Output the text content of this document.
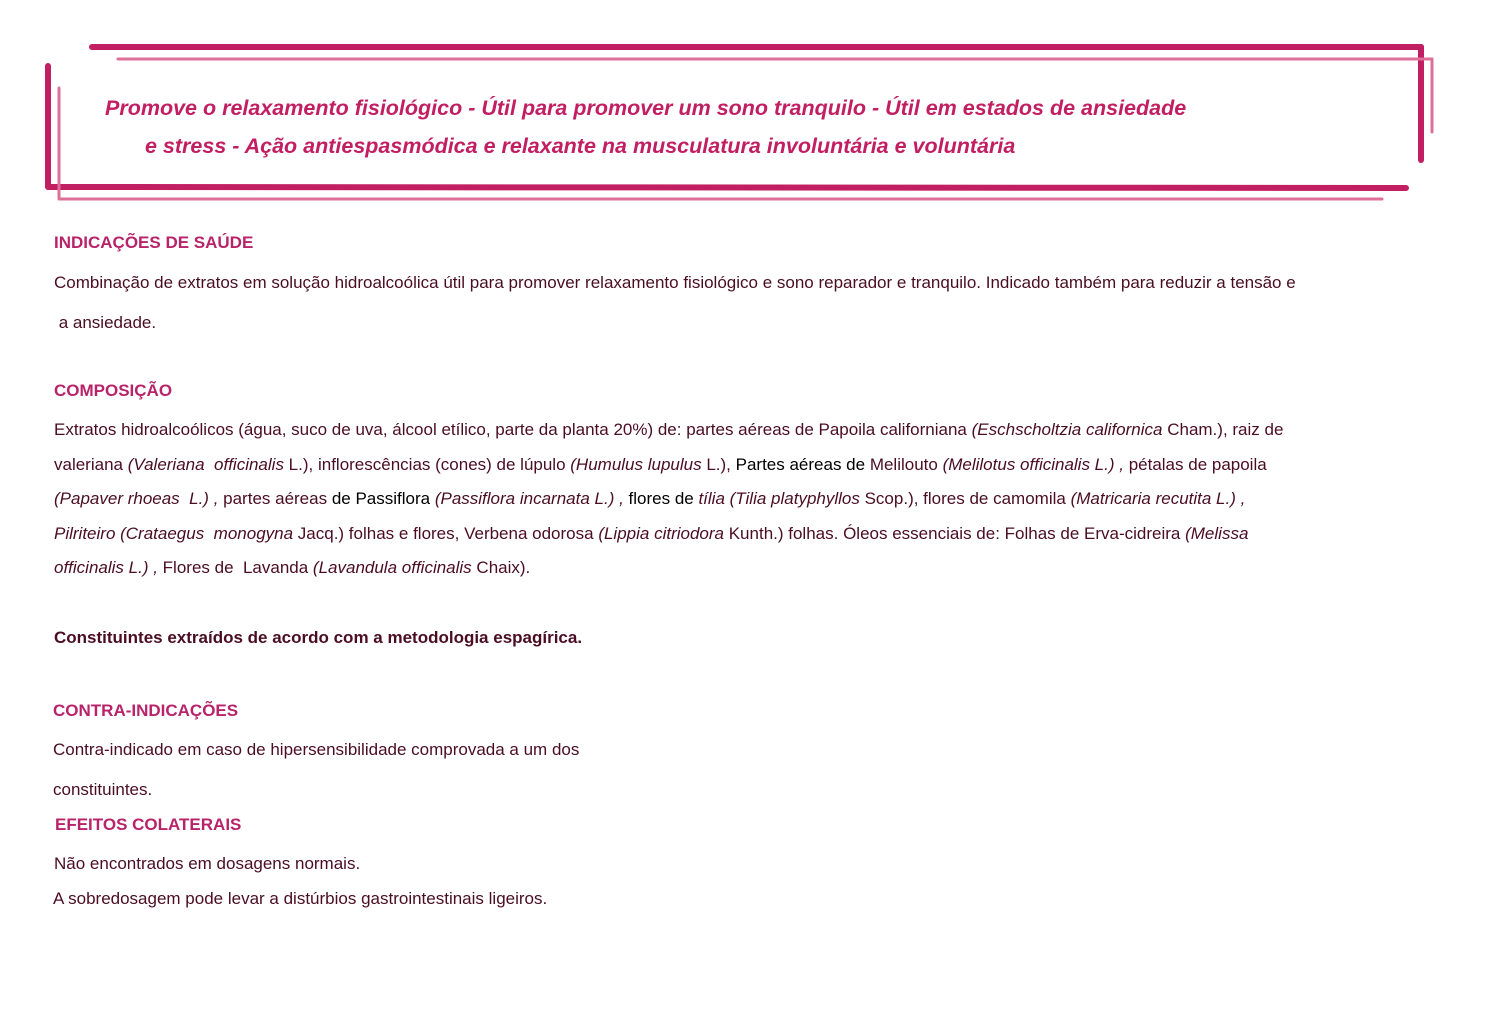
Promove o relaxamento fisiológico - Útil para promover um sono tranquilo - Útil em estados de ansiedade
e stress - Ação antiespasmódica e relaxante na musculatura involuntária e voluntária
INDICAÇÕES DE SAÚDE
Combinação de extratos em solução hidroalcoólica útil para promover relaxamento fisiológico e sono reparador e tranquilo. Indicado também para reduzir a tensão e
a ansiedade.
COMPOSIÇÃO
Extratos hidroalcoólicos (água, suco de uva, álcool etílico, parte da planta 20%) de: partes aéreas de Papoila californiana (Eschscholtzia californica Cham.), raiz de
valeriana (Valeriana  officinalis L.), inflorescências (cones) de lúpulo (Humulus lupulus L.), Partes aéreas de Melilouto (Melilotus officinalis L.) , pétalas de papoila
(Papaver rhoeas  L.) , partes aéreas de Passiflora (Passiflora incarnata L.) , flores de tília (Tilia platyphyllos Scop.), flores de camomila (Matricaria recutita L.) ,
Pilriteiro (Crataegus  monogyna Jacq.) folhas e flores, Verbena odorosa (Lippia citriodora Kunth.) folhas. Óleos essenciais de: Folhas de Erva-cidreira (Melissa
officinalis L.) , Flores de  Lavanda (Lavandula officinalis Chaix).
Constituintes extraídos de acordo com a metodologia espagírica.
CONTRA-INDICAÇÕES
Contra-indicado em caso de hipersensibilidade comprovada a um dos
constituintes.
EFEITOS COLATERAIS
Não encontrados em dosagens normais.
A sobredosagem pode levar a distúrbios gastrointestinais ligeiros.
